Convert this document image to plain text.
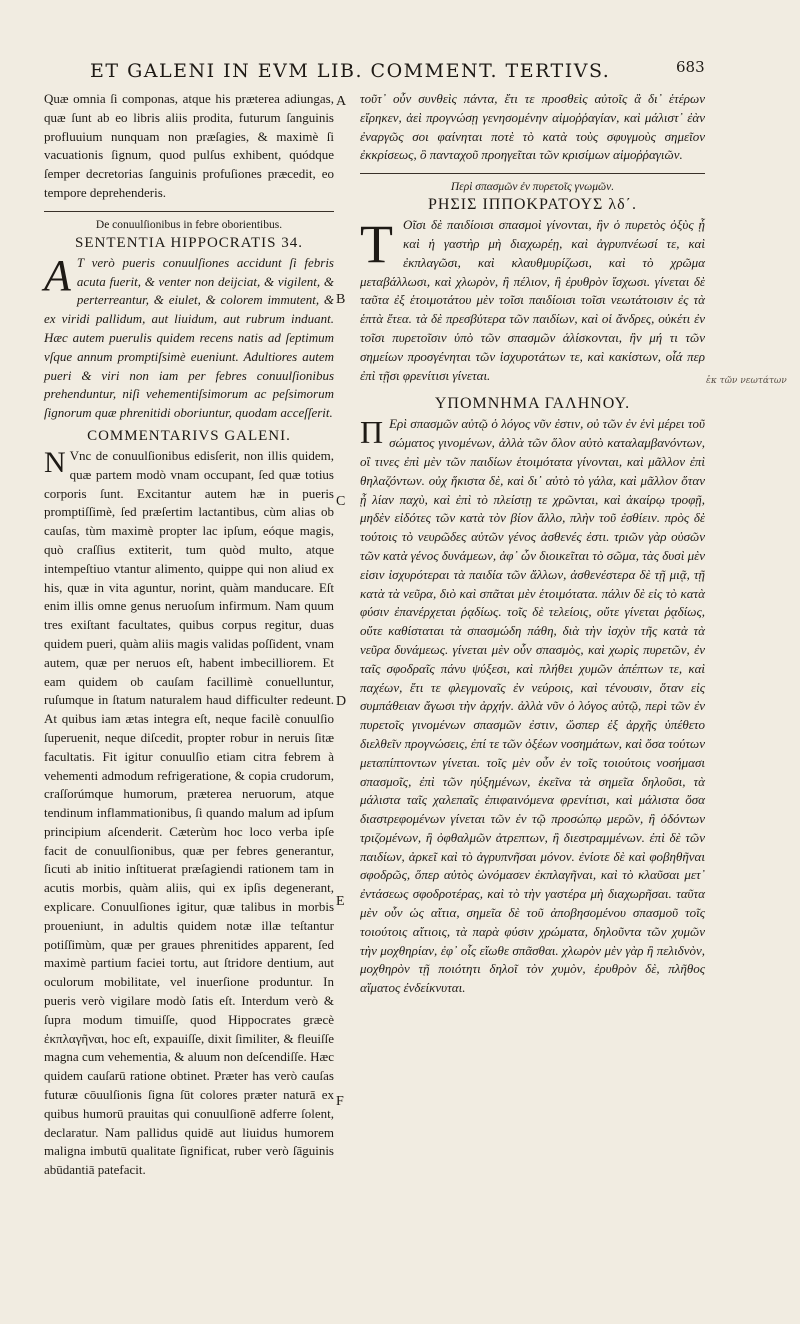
ET GALENI IN EVM LIB. COMMENT. TERTIVS.	683

Quæ omnia ſi componas, atque his præterea adiungas, quæ ſunt ab eo libris aliis prodita, futurum ſanguinis profluuium nunquam non præſagies, & maximè ſi vacuationis ſignum, quod pulſus exhibent, quódque ſemper decretorias ſanguinis profuſiones præcedit, eo tempore deprehenderis.

De conuulſionibus in febre oborientibus.

SENTENTIA HIPPOCRATIS 34.

A T verò pueris conuulſiones accidunt ſi febris acuta fuerit, & venter non deijciat, & vigilent, & perterreantur, & eiulet, & colorem immutent, & ex viridi pallidum, aut liuidum, aut rubrum induant. Hæc autem puerulis quidem recens natis ad ſeptimum vſque annum promptiſsimè eueniunt. Adultiores autem pueri & viri non iam per febres conuulſionibus prehenduntur, niſi vehementiſsimorum ac peſsimorum ſignorum quæ phrenitidi oboriuntur, quodam acceſſerit.

COMMENTARIVS GALENI.

N Vnc de conuulſionibus edisſerit, non illis quidem, quæ partem modò vnam occupant, ſed quæ totius corporis ſunt. Excitantur autem hæ in pueris promptiſſimè, ſed præſertim lactantibus, cùm alias ob cauſas, tùm maximè propter lac ipſum, eóque magis, quò craſſius extiterit, tum quòd multo, atque intempeſtiuo vtantur alimento, quippe qui non aliud ex his, quæ in vita aguntur, norint, quàm manducare. Eſt enim illis omne genus neruoſum infirmum. Nam quum tres exiſtant facultates, quibus corpus regitur, duas quidem pueri, quàm aliis magis validas poſſident, vnam autem, quæ per neruos eſt, habent imbecilliorem. Et eam quidem ob cauſam facillimè conuelluntur, ruſumque in ſtatum naturalem haud difficulter redeunt. At quibus iam ætas integra eſt, neque facilè conuulſio ſuperuenit, neque diſcedit, propter robur in neruis ſitæ facultatis. Fit igitur conuulſio etiam citra febrem à vehementi admodum refrigeratione, & copia crudorum, craſſorúmque humorum, præterea neruorum, atque tendinum inflammationibus, ſi quando malum ad ipſum principium aſcenderit. Cæterùm hoc loco verba ipſe facit de conuulſionibus, quæ per febres generantur, ſicuti ab initio inſtituerat præſagiendi rationem tam in acutis morbis, quàm aliis, qui ex ipſis degenerant, explicare. Conuulſiones igitur, quæ talibus in morbis proueniunt, in adultis quidem notæ illæ teſtantur potiſſimùm, quæ per graues phrenitides apparent, ſed maximè partium faciei tortu, aut ſtridore dentium, aut oculorum mobilitate, vel inuerſione produntur. In pueris verò vigilare modò ſatis eſt. Interdum verò & ſupra modum timuiſſe, quod Hippocrates græcè ἐκπλαγῆναι, hoc eſt, expauiſſe, dixit ſimiliter, & fleuiſſe magna cum vehementia, & aluum non deſcendiſſe. Hæc quidem cauſarū ratione obtinet. Præter has verò cauſas futuræ cōuulſionis ſigna ſūt colores præter naturā ex quibus humorū prauitas qui conuulſionē adferre ſolent, declaratur. Nam pallidus quidē aut liuidus humorem maligna imbutū qualitate ſignificat, ruber verò ſāguinis abūdantiā patefacit.

A
B
C
D
E
F
ἐκ τῶν νεωτάτων

τοῦτ᾽ οὖν συνθεὶς πάντα, ἔτι τε προσθεὶς αὐτοῖς ἃ δι᾽ ἑτέρων εἴρηκεν, ἀεὶ προγνώσῃ γενησομένην αἱμοῤῥαγίαν, καὶ μάλιστ᾽ ἐὰν ἐναργῶς σοι φαίνηται ποτὲ τὸ κατὰ τοὺς σφυγμοὺς σημεῖον ἐκκρίσεως, ὃ πανταχοῦ προηγεῖται τῶν κρισίμων αἱμοῤῥαγιῶν.

Περὶ σπασμῶν ἐν πυρετοῖς γνωμῶν.

ΡΗΣΙΣ ΙΠΠΟΚΡΑΤΟΥΣ λδ΄.

Τ Οῖσι δὲ παιδίοισι σπασμοὶ γίνονται, ἢν ὁ πυρετὸς ὀξὺς ᾖ καὶ ἡ γαστὴρ μὴ διαχωρέῃ, καὶ ἀγρυπνέωσί τε, καὶ ἐκπλαγῶσι, καὶ κλαυθμυρίζωσι, καὶ τὸ χρῶμα μεταβάλλωσι, καὶ χλωρὸν, ἢ πέλιον, ἢ ἐρυθρὸν ἴσχωσι. γίνεται δὲ ταῦτα ἐξ ἑτοιμοτάτου μὲν τοῖσι παιδίοισι τοῖσι νεωτάτοισιν ἐς τὰ ἑπτὰ ἔτεα. τὰ δὲ πρεσβύτερα τῶν παιδίων, καὶ οἱ ἄνδρες, οὐκέτι ἐν τοῖσι πυρετοῖσιν ὑπὸ τῶν σπασμῶν ἁλίσκονται, ἢν μή τι τῶν σημείων προσγένηται τῶν ἰσχυροτάτων τε, καὶ κακίστων, οἷά περ ἐπὶ τῇσι φρενίτισι γίνεται.

ΥΠΟΜΝΗΜΑ ΓΑΛΗΝΟΥ.

Π Ερὶ σπασμῶν αὐτῷ ὁ λόγος νῦν ἐστιν, οὐ τῶν ἐν ἑνὶ μέρει τοῦ σώματος γινομένων, ἀλλὰ τῶν ὅλον αὐτὸ καταλαμβανόντων, οἳ τινες ἐπὶ μὲν τῶν παιδίων ἑτοιμότατα γίνονται, καὶ μᾶλλον ἐπὶ θηλαζόντων. οὐχ ἥκιστα δὲ, καὶ δι᾽ αὐτὸ τὸ γάλα, καὶ μᾶλλον ὅταν ᾖ λίαν παχὺ, καὶ ἐπὶ τὸ πλείστῃ τε χρῶνται, καὶ ἀκαίρῳ τροφῇ, μηδὲν εἰδότες τῶν κατὰ τὸν βίον ἄλλο, πλὴν τοῦ ἐσθίειν. πρὸς δὲ τούτοις τὸ νευρῶδες αὐτῶν γένος ἀσθενές ἐστι. τριῶν γὰρ οὐσῶν τῶν κατὰ γένος δυνάμεων, ἀφ᾽ ὧν διοικεῖται τὸ σῶμα, τὰς δυσὶ μὲν εἰσιν ἰσχυρότεραι τὰ παιδία τῶν ἄλλων, ἀσθενέστερα δὲ τῇ μιᾷ, τῇ κατὰ τὰ νεῦρα, διὸ καὶ σπᾶται μὲν ἑτοιμότατα. πάλιν δὲ εἰς τὸ κατὰ φύσιν ἐπανέρχεται ῥᾳδίως. τοῖς δὲ τελείοις, οὔτε γίνεται ῥᾳδίως, οὔτε καθίσταται τὰ σπασμώδη πάθη, διὰ τὴν ἰσχὺν τῆς κατὰ τὰ νεῦρα δυνάμεως. γίνεται μὲν οὖν σπασμὸς, καὶ χωρὶς πυρετῶν, ἐν ταῖς σφοδραῖς πάνυ ψύξεσι, καὶ πλήθει χυμῶν ἀπέπτων τε, καὶ παχέων, ἔτι τε φλεγμοναῖς ἐν νεύροις, καὶ τένουσιν, ὅταν εἰς συμπάθειαν ἄγωσι τὴν ἀρχήν. ἀλλὰ νῦν ὁ λόγος αὐτῷ, περὶ τῶν ἐν πυρετοῖς γινομένων σπασμῶν ἐστιν, ὥσπερ ἐξ ἀρχῆς ὑπέθετο διελθεῖν προγνώσεις, ἐπί τε τῶν ὀξέων νοσημάτων, καὶ ὅσα τούτων μεταπίπτοντων γίνεται. τοῖς μὲν οὖν ἐν τοῖς τοιούτοις νοσήμασι σπασμοῖς, ἐπὶ τῶν ηὐξημένων, ἐκεῖνα τὰ σημεῖα δηλοῦσι, τὰ μάλιστα ταῖς χαλεπαῖς ἐπιφαινόμενα φρενίτισι, καὶ μάλιστα ὅσα διαστρεφομένων γίνεται τῶν ἐν τῷ προσώπῳ μερῶν, ἢ ὀδόντων τριζομένων, ἢ ὀφθαλμῶν ἀτρεπτων, ἢ διεστραμμένων. ἐπὶ δὲ τῶν παιδίων, ἀρκεῖ καὶ τὸ ἀγρυπνῆσαι μόνον. ἐνίοτε δὲ καὶ φοβηθῆναι σφοδρῶς, ὅπερ αὐτὸς ὠνόμασεν ἐκπλαγῆναι, καὶ τὸ κλαῦσαι μετ᾽ ἐντάσεως σφοδροτέρας, καὶ τὸ τὴν γαστέρα μὴ διαχωρῆσαι. ταῦτα μὲν οὖν ὡς αἴτια, σημεῖα δὲ τοῦ ἀποβησομένου σπασμοῦ τοῖς τοιούτοις αἴτιοις, τὰ παρὰ φύσιν χρώματα, δηλοῦντα τῶν χυμῶν τὴν μοχθηρίαν, ἐφ᾽ οἷς εἴωθε σπᾶσθαι. χλωρὸν μὲν γὰρ ἢ πελιδνὸν, μοχθηρὸν τῇ ποιότητι δηλοῖ τὸν χυμὸν, ἐρυθρὸν δὲ, πλῆθος αἵματος ἐνδείκνυται.
